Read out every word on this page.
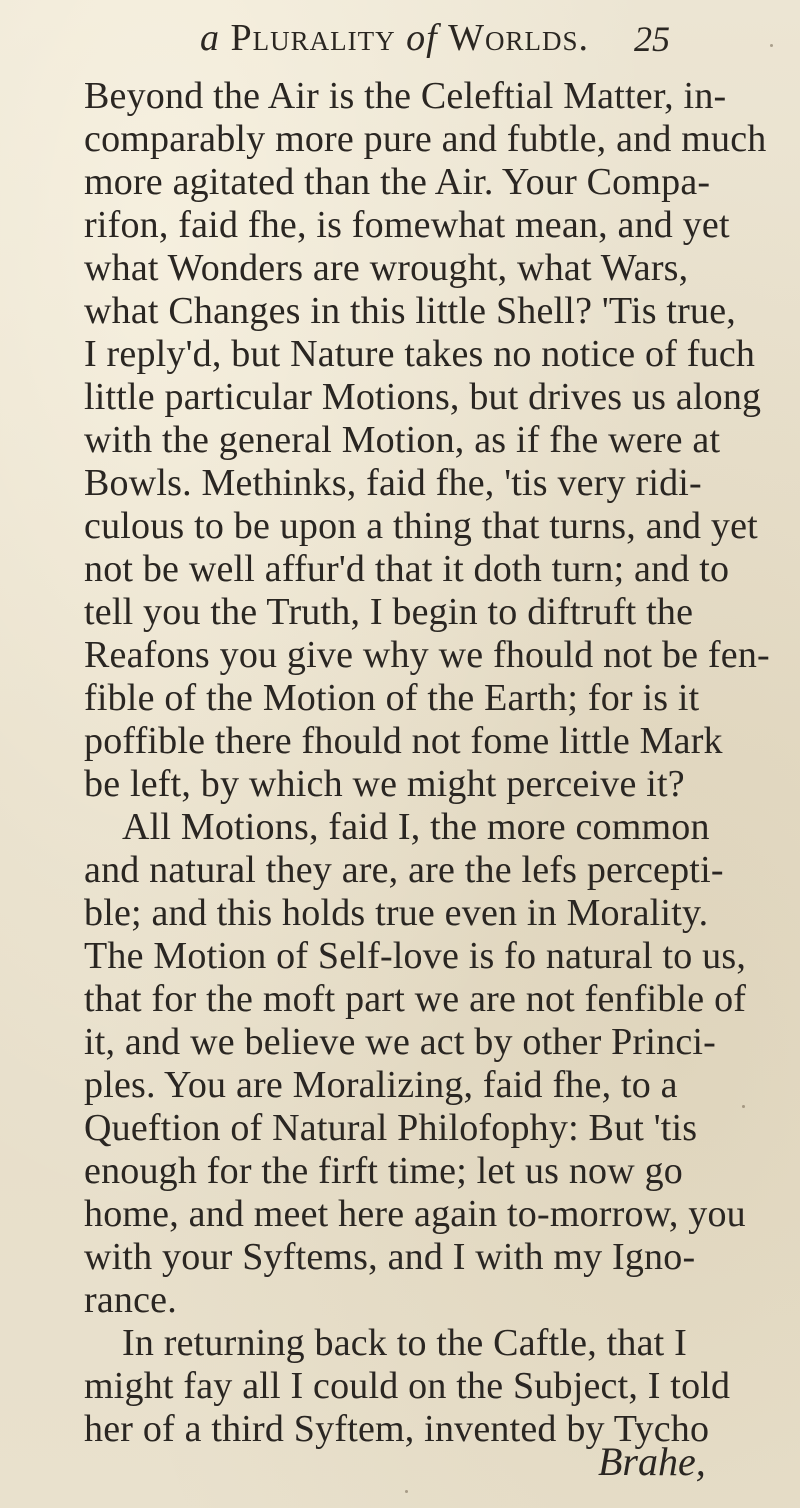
a Plurality of Worlds. 25
Beyond the Air is the Celeftial Matter, in-
comparably more pure and fubtle, and much
more agitated than the Air. Your Compa-
rifon, faid fhe, is fomewhat mean, and yet
what Wonders are wrought, what Wars,
what Changes in this little Shell? 'Tis true,
I reply'd, but Nature takes no notice of fuch
little particular Motions, but drives us along
with the general Motion, as if fhe were at
Bowls. Methinks, faid fhe, 'tis very ridi-
culous to be upon a thing that turns, and yet
not be well affur'd that it doth turn; and to
tell you the Truth, I begin to diftruft the
Reafons you give why we fhould not be fen-
fible of the Motion of the Earth; for is it
poffible there fhould not fome little Mark
be left, by which we might perceive it?
All Motions, faid I, the more common
and natural they are, are the lefs percepti-
ble; and this holds true even in Morality.
The Motion of Self-love is fo natural to us,
that for the moft part we are not fenfible of
it, and we believe we act by other Princi-
ples. You are Moralizing, faid fhe, to a
Queftion of Natural Philofophy: But 'tis
enough for the firft time; let us now go
home, and meet here again to-morrow, you
with your Syftems, and I with my Igno-
rance.
In returning back to the Caftle, that I
might fay all I could on the Subject, I told
her of a third Syftem, invented by Tycho
Brahe,
